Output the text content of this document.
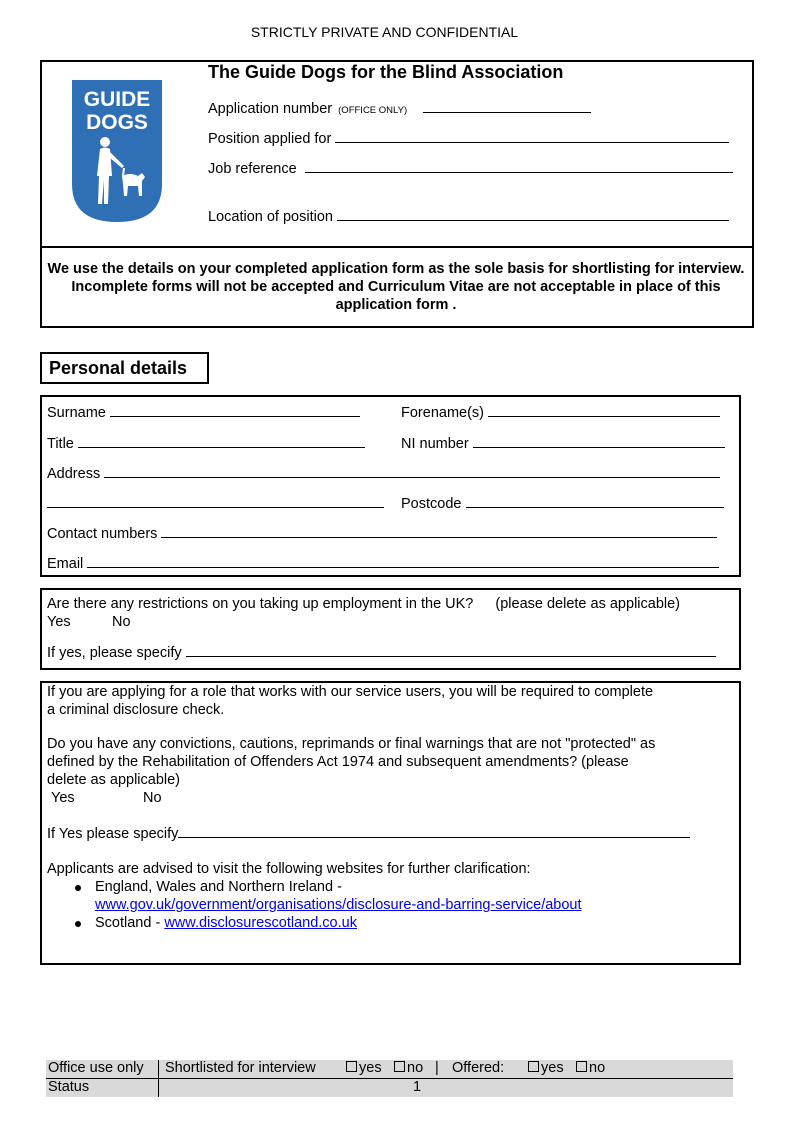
STRICTLY PRIVATE AND CONFIDENTIAL
GUIDE
DOGS
The Guide Dogs for the Blind Association
Application number (OFFICE ONLY)
Position applied for
Job reference
Location of position
We use the details on your completed application form as the sole basis for shortlisting for interview. Incomplete forms will not be accepted and Curriculum Vitae are not acceptable in place of this application form .
Personal details
Surname	Forename(s)
Title	NI number
Address
Postcode
Contact numbers
Email
Are there any restrictions on you taking up employment in the UK? (please delete as applicable)
Yes	No
If yes, please specify
If you are applying for a role that works with our service users, you will be required to complete
a criminal disclosure check.
Do you have any convictions, cautions, reprimands or final warnings that are not "protected" as
defined by the Rehabilitation of Offenders Act 1974 and subsequent amendments? (please
delete as applicable)
Yes	No
If Yes please specify
Applicants are advised to visit the following websites for further clarification:
England, Wales and Northern Ireland -
www.gov.uk/government/organisations/disclosure-and-barring-service/about
Scotland - www.disclosurescotland.co.uk
Office use only Shortlisted for interview	yes	no | Offered:	yes	no
Status	1
